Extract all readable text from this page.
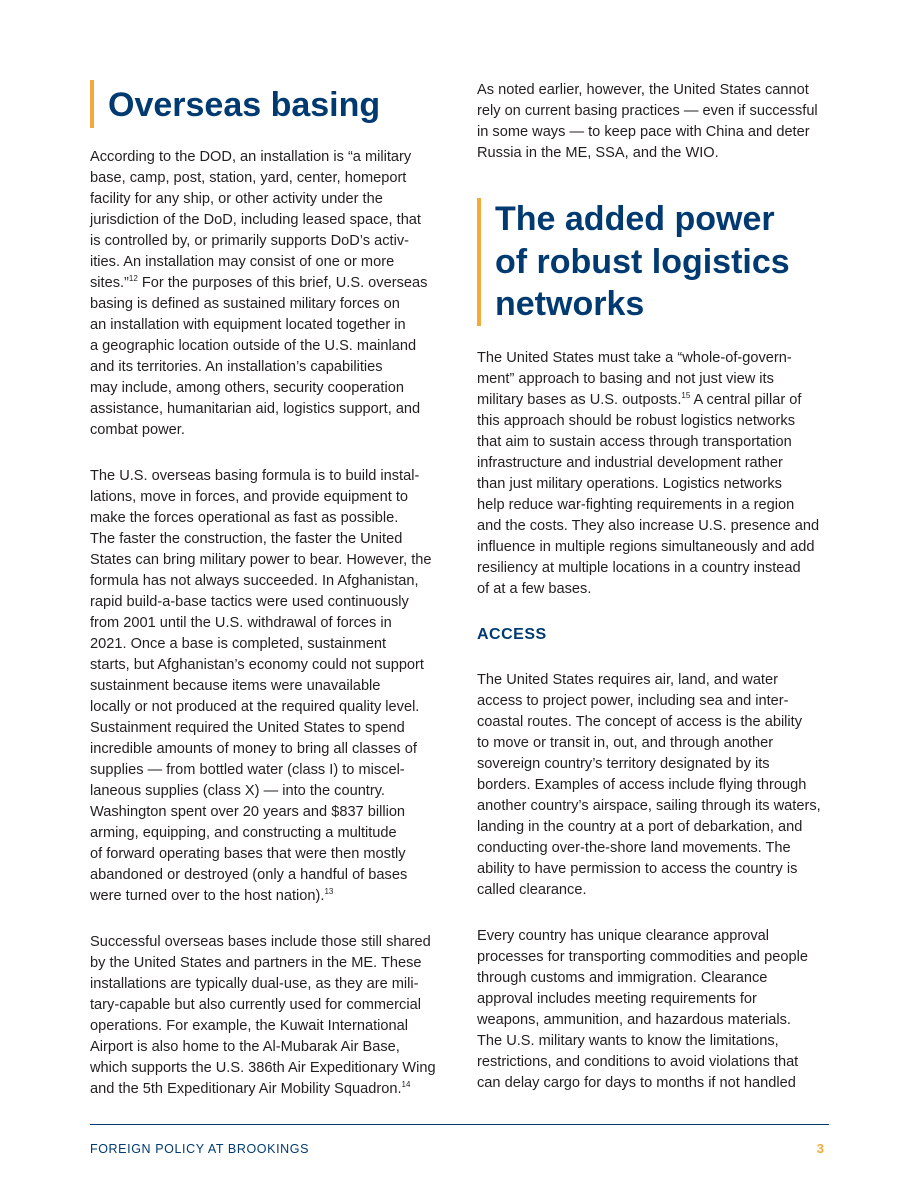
Overseas basing

According to the DOD, an installation is “a military
base, camp, post, station, yard, center, homeport
facility for any ship, or other activity under the
jurisdiction of the DoD, including leased space, that
is controlled by, or primarily supports DoD’s activ-
ities. An installation may consist of one or more
sites.”$^{12}$ For the purposes of this brief, U.S. overseas
basing is defined as sustained military forces on
an installation with equipment located together in
a geographic location outside of the U.S. mainland
and its territories. An installation’s capabilities
may include, among others, security cooperation
assistance, humanitarian aid, logistics support, and
combat power.

The U.S. overseas basing formula is to build instal-
lations, move in forces, and provide equipment to
make the forces operational as fast as possible.
The faster the construction, the faster the United
States can bring military power to bear. However, the
formula has not always succeeded. In Afghanistan,
rapid build-a-base tactics were used continuously
from 2001 until the U.S. withdrawal of forces in
2021. Once a base is completed, sustainment
starts, but Afghanistan’s economy could not support
sustainment because items were unavailable
locally or not produced at the required quality level.
Sustainment required the United States to spend
incredible amounts of money to bring all classes of
supplies — from bottled water (class I) to miscel-
laneous supplies (class X) — into the country.
Washington spent over 20 years and $837 billion
arming, equipping, and constructing a multitude
of forward operating bases that were then mostly
abandoned or destroyed (only a handful of bases
were turned over to the host nation).$^{13}$

Successful overseas bases include those still shared
by the United States and partners in the ME. These
installations are typically dual-use, as they are mili-
tary-capable but also currently used for commercial
operations. For example, the Kuwait International
Airport is also home to the Al-Mubarak Air Base,
which supports the U.S. 386th Air Expeditionary Wing
and the 5th Expeditionary Air Mobility Squadron.$^{14}$

As noted earlier, however, the United States cannot
rely on current basing practices — even if successful
in some ways — to keep pace with China and deter
Russia in the ME, SSA, and the WIO.

The added power
of robust logistics
networks

The United States must take a “whole-of-govern-
ment” approach to basing and not just view its
military bases as U.S. outposts.$^{15}$ A central pillar of
this approach should be robust logistics networks
that aim to sustain access through transportation
infrastructure and industrial development rather
than just military operations. Logistics networks
help reduce war-fighting requirements in a region
and the costs. They also increase U.S. presence and
influence in multiple regions simultaneously and add
resiliency at multiple locations in a country instead
of at a few bases.

ACCESS

The United States requires air, land, and water
access to project power, including sea and inter-
coastal routes. The concept of access is the ability
to move or transit in, out, and through another
sovereign country’s territory designated by its
borders. Examples of access include flying through
another country’s airspace, sailing through its waters,
landing in the country at a port of debarkation, and
conducting over-the-shore land movements. The
ability to have permission to access the country is
called clearance.

Every country has unique clearance approval
processes for transporting commodities and people
through customs and immigration. Clearance
approval includes meeting requirements for
weapons, ammunition, and hazardous materials.
The U.S. military wants to know the limitations,
restrictions, and conditions to avoid violations that
can delay cargo for days to months if not handled

FOREIGN POLICY AT BROOKINGS	3
